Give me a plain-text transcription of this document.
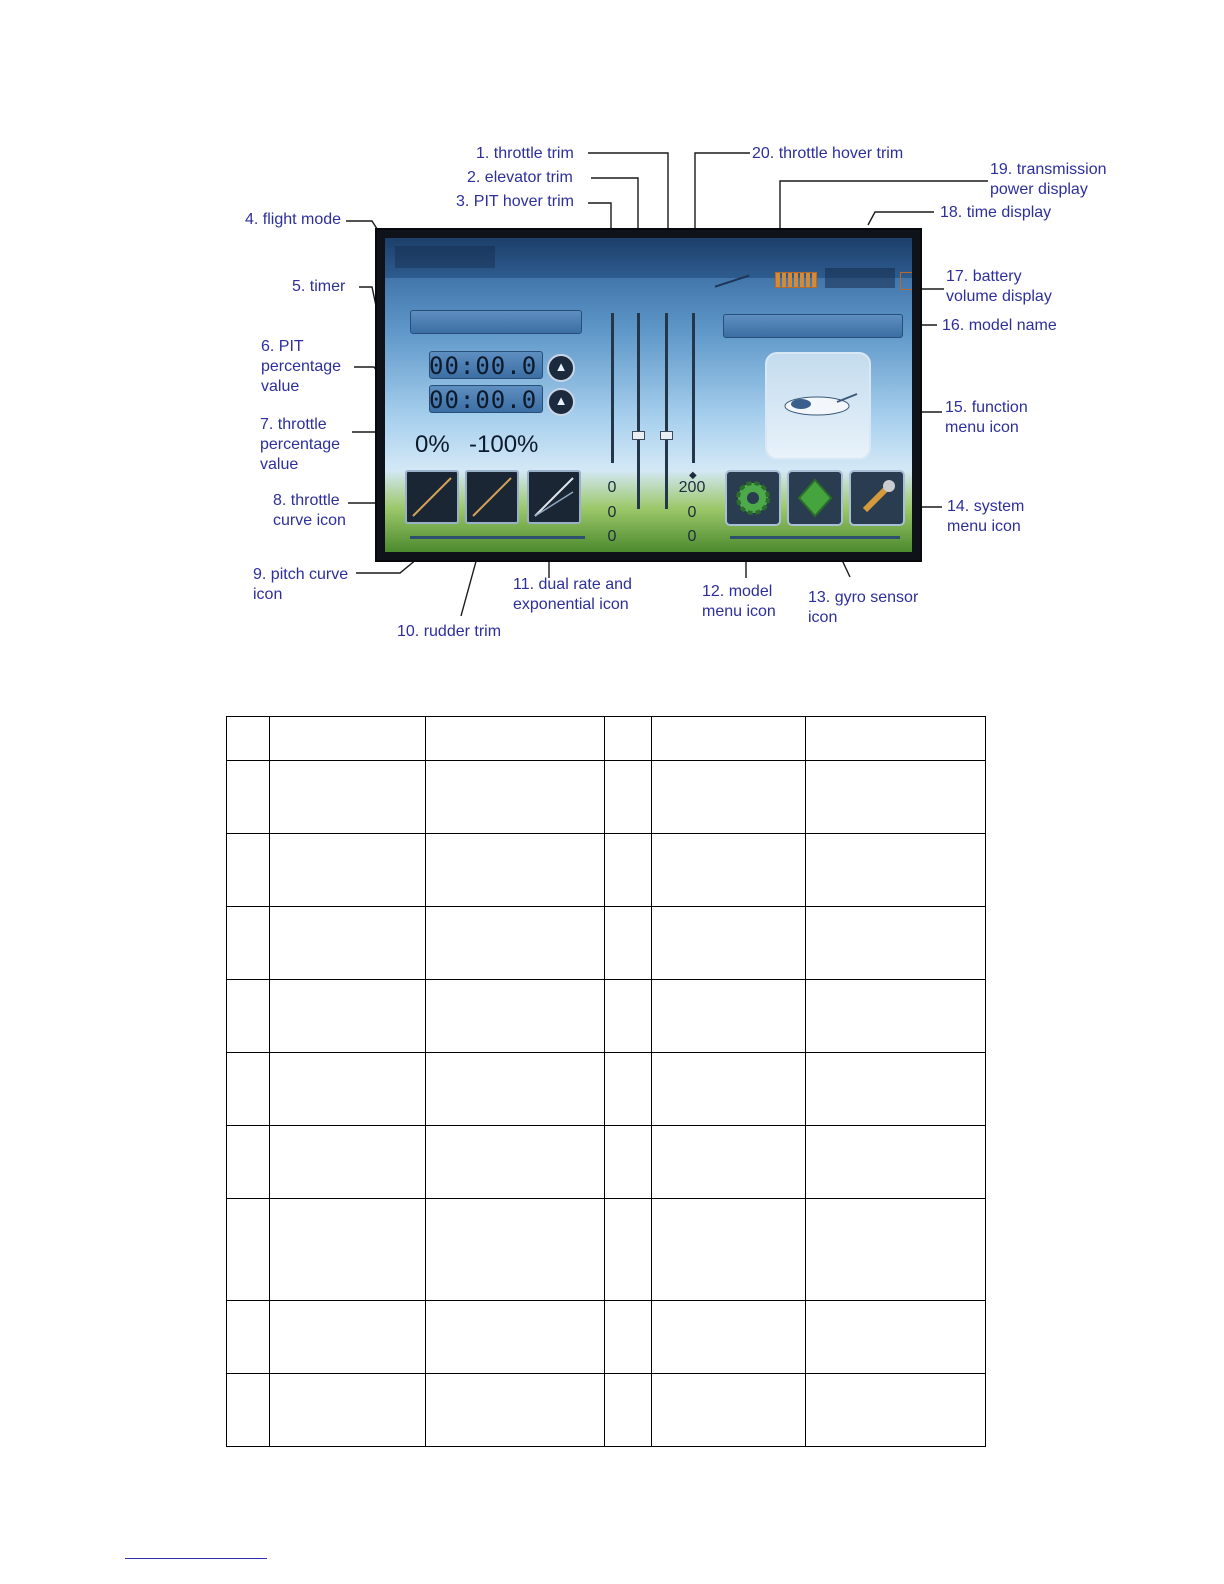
00:00.0	▲
00:00.0	▲
0% -100%
◆
0
0
0
200
0
0
1. throttle trim
2. elevator trim
3. PIT hover trim
4. flight mode
5. timer
6. PIT
percentage
value
7. throttle
percentage
value
8. throttle
curve icon
9. pitch curve
icon
10. rudder trim
11. dual rate and
exponential icon
12. model
menu icon
13. gyro sensor
icon
14. system
menu icon
15. function
menu icon
16. model name
17. battery
volume display
18. time display
19. transmission
power display
20. throttle hover trim
